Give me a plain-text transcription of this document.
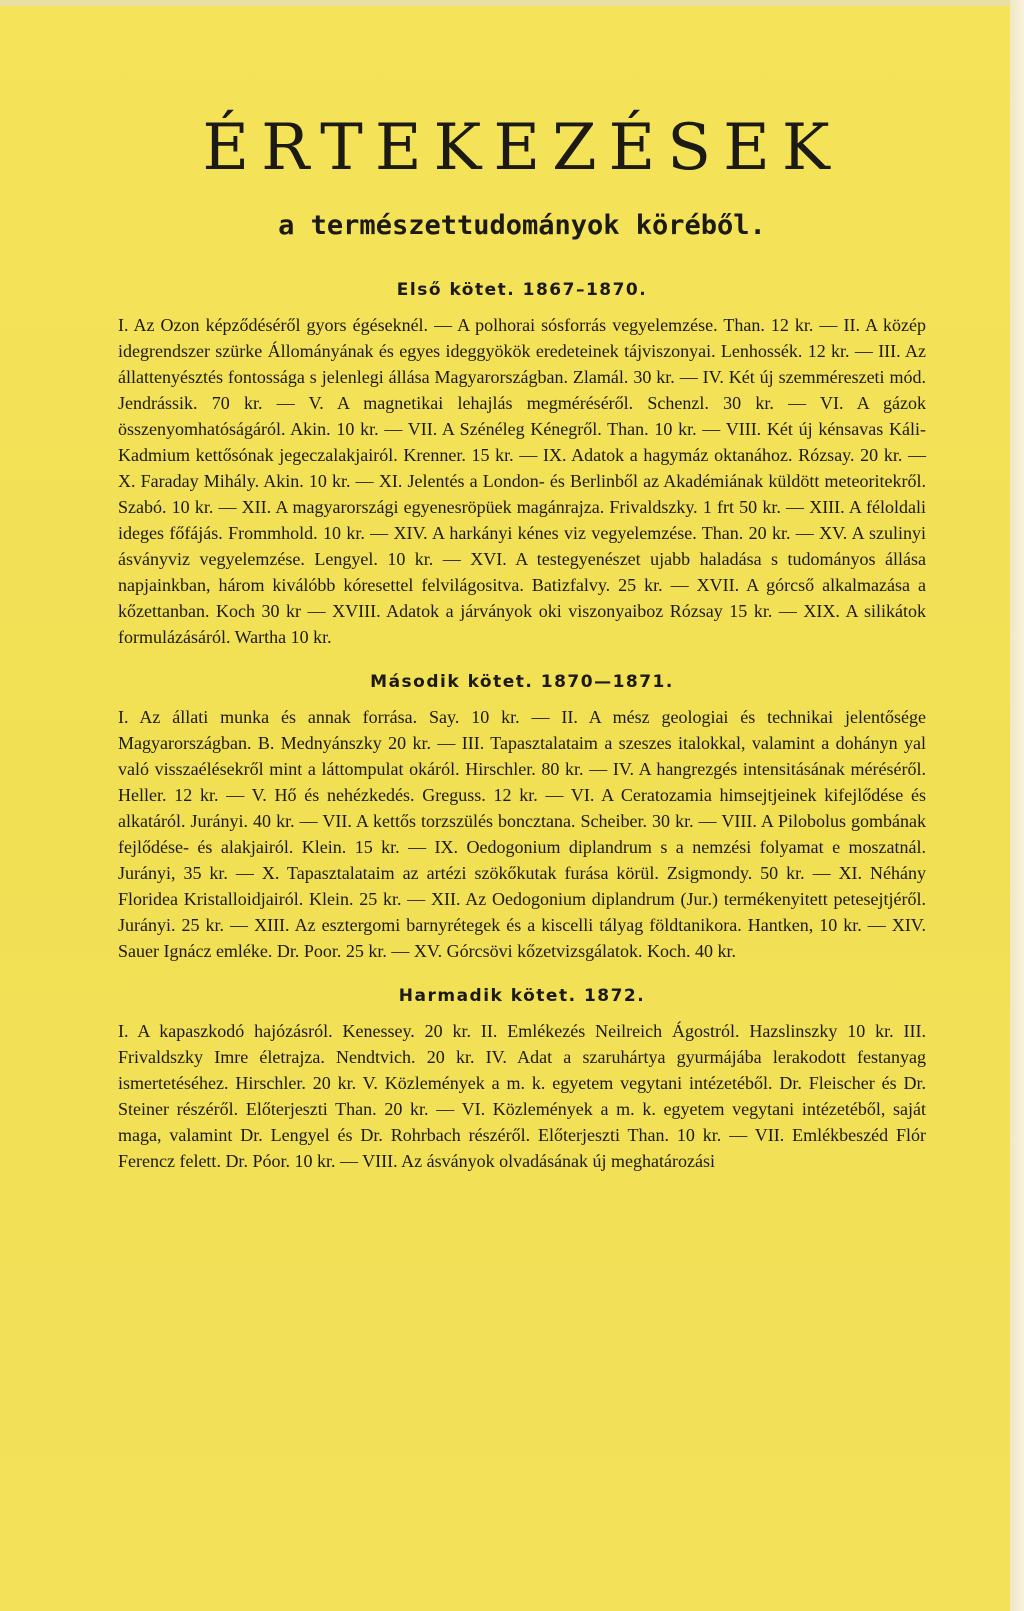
ÉRTEKEZÉSEK
a természettudományok köréből.
Első kötet. 1867–1870.

I. Az Ozon képződéséről gyors égéseknél. — A polhorai sósforrás vegyelemzése. Than. 12 kr. — II. A közép idegrendszer szürke Állományának és egyes ideggyökök eredeteinek tájviszonyai. Lenhossék. 12 kr. — III. Az állattenyésztés fontossága s jelenlegi állása Magyarországban. Zlamál. 30 kr. — IV. Két új szemméreszeti mód. Jendrássik. 70 kr. — V. A magnetikai lehajlás megméréséről. Schenzl. 30 kr. — VI. A gázok összenyomhatóságáról. Akin. 10 kr. — VII. A Szénéleg Kénegről. Than. 10 kr. — VIII. Két új kénsavas Káli-Kadmium kettősónak jegeczalakjairól. Krenner. 15 kr. — IX. Adatok a hagymáz oktanához. Rózsay. 20 kr. — X. Faraday Mihály. Akin. 10 kr. — XI. Jelentés a London- és Berlinből az Akadémiának küldött meteoritekről. Szabó. 10 kr. — XII. A magyarországi egyenesröpüek magánrajza. Frivaldszky. 1 frt 50 kr. — XIII. A féloldali ideges főfájás. Frommhold. 10 kr. — XIV. A harkányi kénes viz vegyelemzése. Than. 20 kr. — XV. A szulinyi ásványviz vegyelemzése. Lengyel. 10 kr. — XVI. A testegyenészet ujabb haladása s tudományos állása napjainkban, három kiválóbb kóresettel felvilágositva. Batizfalvy. 25 kr. — XVII. A górcső alkalmazása a kőzettanban. Koch 30 kr — XVIII. Adatok a járványok oki viszonyaiboz Rózsay 15 kr. — XIX. A silikátok formulázásáról. Wartha 10 kr.

Második kötet. 1870—1871.

I. Az állati munka és annak forrása. Say. 10 kr. — II. A mész geologiai és technikai jelentősége Magyarországban. B. Mednyánszky 20 kr. — III. Tapasztalataim a szeszes italokkal, valamint a dohányn yal való visszaélésekről mint a láttompulat okáról. Hirschler. 80 kr. — IV. A hangrezgés intensitásának méréséről. Heller. 12 kr. — V. Hő és nehézkedés. Greguss. 12 kr. — VI. A Ceratozamia himsejtjeinek kifejlődése és alkatáról. Jurányi. 40 kr. — VII. A kettős torzszülés boncztana. Scheiber. 30 kr. — VIII. A Pilobolus gombának fejlődése- és alakjairól. Klein. 15 kr. — IX. Oedogonium diplandrum s a nemzési folyamat e moszatnál. Jurányi, 35 kr. — X. Tapasztalataim az artézi szökőkutak furása körül. Zsigmondy. 50 kr. — XI. Néhány Floridea Kristalloidjairól. Klein. 25 kr. — XII. Az Oedogonium diplandrum (Jur.) termékenyitett petesejtjéről. Jurányi. 25 kr. — XIII. Az esztergomi barnyrétegek és a kiscelli tályag földtanikora. Hantken, 10 kr. — XIV. Sauer Ignácz emléke. Dr. Poor. 25 kr. — XV. Górcsövi kőzetvizsgálatok. Koch. 40 kr.

Harmadik kötet. 1872.

I. A kapaszkodó hajózásról. Kenessey. 20 kr. II. Emlékezés Neilreich Ágostról. Hazslinszky 10 kr. III. Frivaldszky Imre életrajza. Nendtvich. 20 kr. IV. Adat a szaruhártya gyurmájába lerakodott festanyag ismertetéséhez. Hirschler. 20 kr. V. Közlemények a m. k. egyetem vegytani intézetéből. Dr. Fleischer és Dr. Steiner részéről. Előterjeszti Than. 20 kr. — VI. Közlemények a m. k. egyetem vegytani intézetéből, saját maga, valamint Dr. Lengyel és Dr. Rohrbach részéről. Előterjeszti Than. 10 kr. — VII. Emlékbeszéd Flór Ferencz felett. Dr. Póor. 10 kr. — VIII. Az ásványok olvadásának új meghatározási
